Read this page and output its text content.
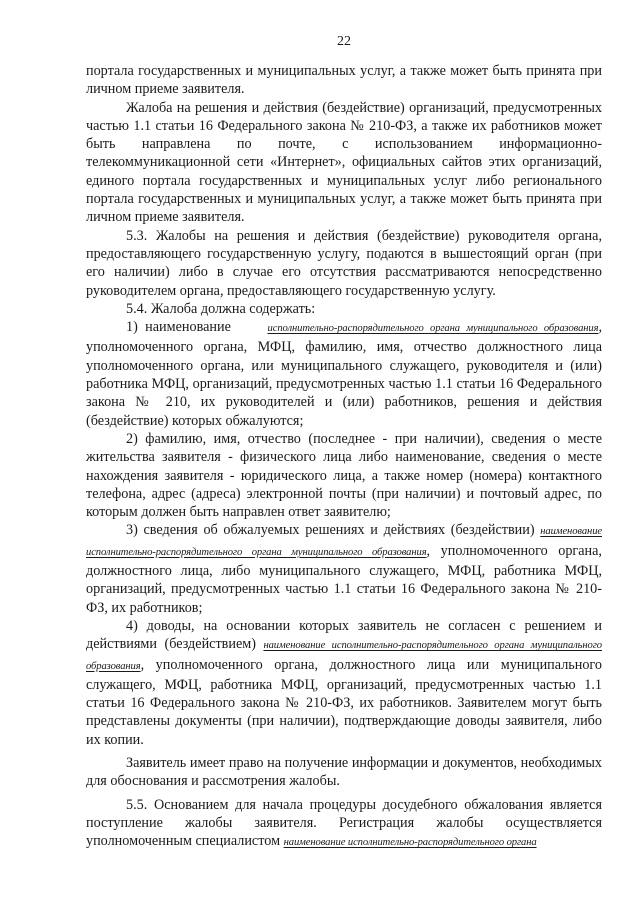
22

портала государственных и муниципальных услуг, а также может быть принята при личном приеме заявителя.

Жалоба на решения и действия (бездействие) организаций, предусмотренных частью 1.1 статьи 16 Федерального закона № 210-ФЗ, а также их работников может быть направлена по почте, с использованием информационно-телекоммуникационной сети «Интернет», официальных сайтов этих организаций, единого портала государственных и муниципальных услуг либо регионального портала государственных и муниципальных услуг, а также может быть принята при личном приеме заявителя.

5.3. Жалобы на решения и действия (бездействие) руководителя органа, предоставляющего государственную услугу, подаются в вышестоящий орган (при его наличии) либо в случае его отсутствия рассматриваются непосредственно руководителем органа, предоставляющего государственную услугу.

5.4. Жалоба должна содержать:

1) наименование	исполнительно-распорядительного органа муниципального образования, уполномоченного органа, МФЦ, фамилию, имя, отчество должностного лица уполномоченного органа, или муниципального служащего, руководителя и (или) работника МФЦ, организаций, предусмотренных частью 1.1 статьи 16 Федерального закона № 210, их руководителей и (или) работников, решения и действия (бездействие) которых обжалуются;

2) фамилию, имя, отчество (последнее - при наличии), сведения о месте жительства заявителя - физического лица либо наименование, сведения о месте нахождения заявителя - юридического лица, а также номер (номера) контактного телефона, адрес (адреса) электронной почты (при наличии) и почтовый адрес, по которым должен быть направлен ответ заявителю;

3) сведения об обжалуемых решениях и действиях (бездействии) наименование исполнительно-распорядительного органа муниципального образования, уполномоченного органа, должностного лица, либо муниципального служащего, МФЦ, работника МФЦ, организаций, предусмотренных частью 1.1 статьи 16 Федерального закона № 210-ФЗ, их работников;

4) доводы, на основании которых заявитель не согласен с решением и действиями (бездействием) наименование исполнительно-распорядительного органа муниципального образования, уполномоченного органа, должностного лица или муниципального служащего, МФЦ, работника МФЦ, организаций, предусмотренных частью 1.1 статьи 16 Федерального закона № 210-ФЗ, их работников. Заявителем могут быть представлены документы (при наличии), подтверждающие доводы заявителя, либо их копии.

Заявитель имеет право на получение информации и документов, необходимых для обоснования и рассмотрения жалобы.

5.5. Основанием для начала процедуры досудебного обжалования является поступление жалобы заявителя. Регистрация жалобы осуществляется уполномоченным специалистом наименование исполнительно-распорядительного органа
